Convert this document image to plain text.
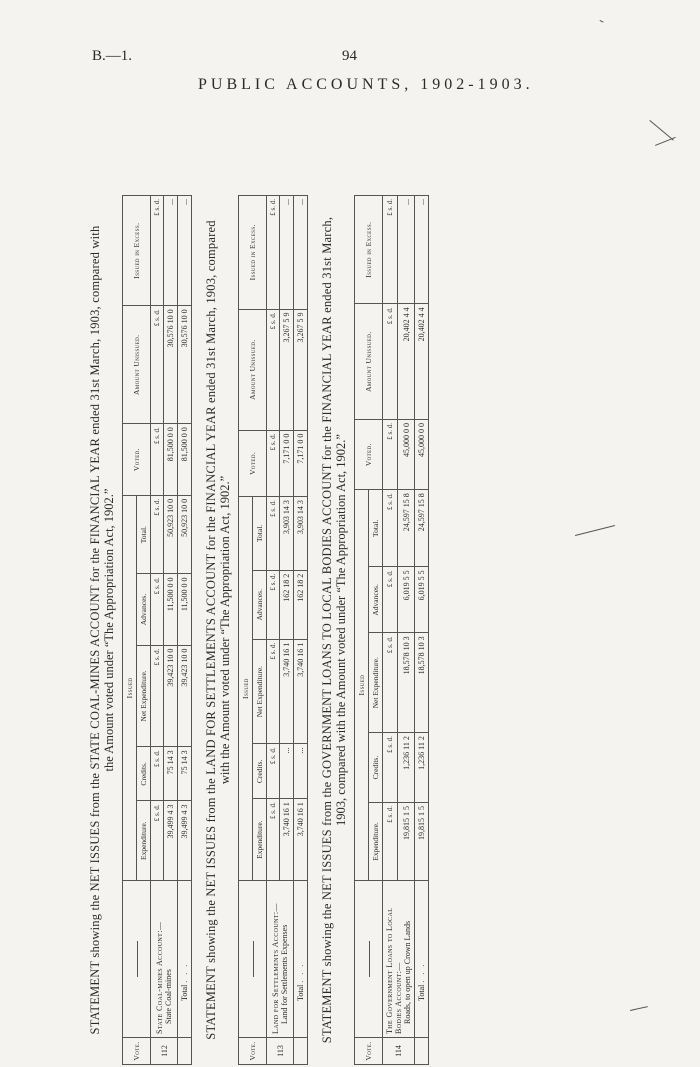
B.—1.	94
PUBLIC ACCOUNTS, 1902-1903.
STATEMENT showing the NET ISSUES from the STATE COAL-MINES ACCOUNT for the FINANCIAL YEAR ended 31st March, 1903, compared with the Amount voted under “The Appropriation Act, 1902.”
Vote.		Issued					Voted.	Amount Unissued.	Issued in Excess.
		Expenditure.	Credits.	Net Expenditure.	Advances.	Total.			
112	State Coal-mines Account:— State Coal-mines	£ s. d.	£ s. d.	£ s. d.	£ s. d.	£ s. d.	£ s. d.	£ s. d.	£ s. d.
		39,499 4 3	75 14 3	39,423 10 0	11,500 0 0	50,923 10 0	81,500 0 0	30,576 10 0	...
	Total ...	39,499 4 3	75 14 3	39,423 10 0	11,500 0 0	50,923 10 0	81,500 0 0	30,576 10 0	...
STATEMENT showing the NET ISSUES from the LAND FOR SETTLEMENTS ACCOUNT for the FINANCIAL YEAR ended 31st March, 1903, compared with the Amount voted under “The Appropriation Act, 1902.”
Vote.		Issued					Voted.	Amount Unissued.	Issued in Excess.
		Expenditure.	Credits.	Net Expenditure.	Advances.	Total.			
113	Land for Settlements Account:— Land for Settlements Expenses	£ s. d.	£ s. d.	£ s. d.	£ s. d.	£ s. d.	£ s. d.	£ s. d.	£ s. d.
		3,740 16 1	...	3,740 16 1	162 18 2	3,903 14 3	7,171 0 0	3,267 5 9	...
	Total ...	3,740 16 1	...	3,740 16 1	162 18 2	3,903 14 3	7,171 0 0	3,267 5 9	...
STATEMENT showing the NET ISSUES from the GOVERNMENT LOANS TO LOCAL BODIES ACCOUNT for the FINANCIAL YEAR ended 31st March, 1903, compared with the Amount voted under “The Appropriation Act, 1902.”
Vote.		Issued					Voted.	Amount Unissued.	Issued in Excess.
		Expenditure.	Credits.	Net Expenditure.	Advances.	Total.			
114	The Government Loans to Local Bodies Account:— Roads, to open up Crown Lands	£ s. d.	£ s. d.	£ s. d.	£ s. d.	£ s. d.	£ s. d.	£ s. d.	£ s. d.
		19,815 1 5	1,236 11 2	18,578 10 3	6,019 5 5	24,597 15 8	45,000 0 0	20,402 4 4	...
	Total ...	19,815 1 5	1,236 11 2	18,578 10 3	6,019 5 5	24,597 15 8	45,000 0 0	20,402 4 4	...
